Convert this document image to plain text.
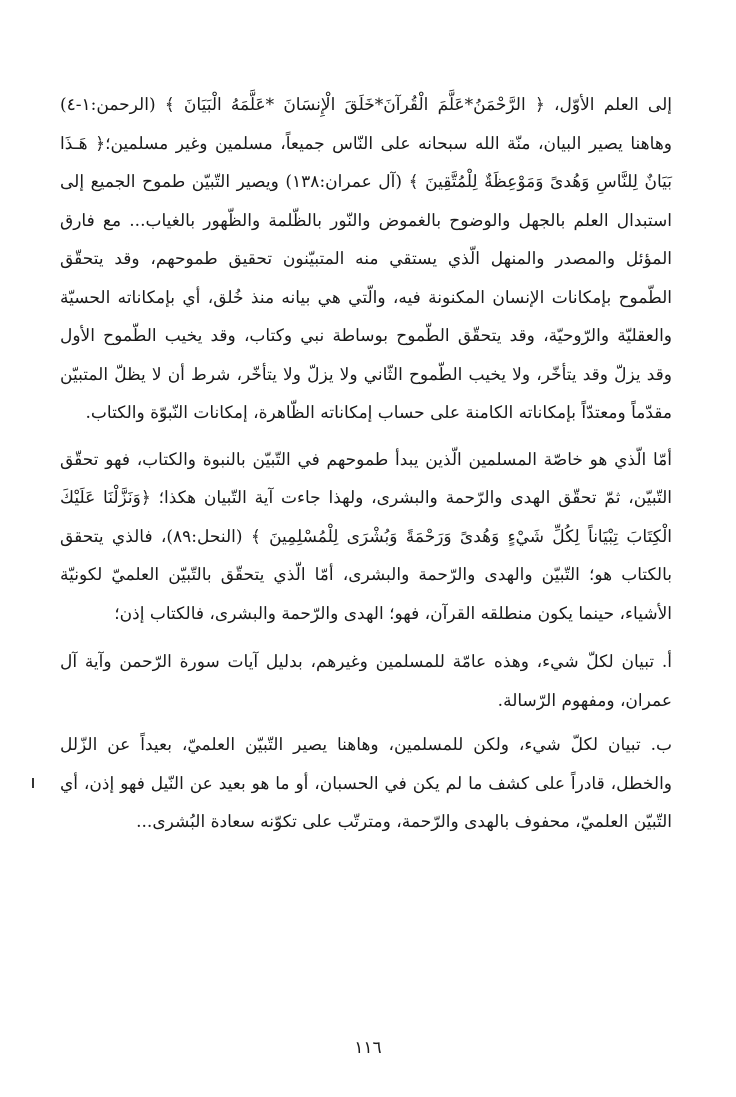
إلى العلم الأوّل، ﴿ الرَّحْمَنُ*عَلَّمَ الْقُرآنَ*خَلَقَ الْإِنسَانَ *عَلَّمَهُ الْبَيَانَ ﴾ (الرحمن:١-٤) وهاهنا يصير البيان، منّة الله سبحانه على النّاس جميعاً، مسلمين وغير مسلمين؛﴿ هَـذَا بَيَانٌ لِلنَّاسِ وَهُدىً وَمَوْعِظَةٌ لِلْمُتَّقِينَ ﴾ (آل عمران:١٣٨) ويصير التّبيّن طموح الجميع إلى استبدال العلم بالجهل والوضوح بالغموض والنّور بالظّلمة والظّهور بالغياب... مع فارق المؤئل والمصدر والمنهل الّذي يستقي منه المتبيّنون تحقيق طموحهم، وقد يتحقّق الطّموح بإمكانات الإنسان المكنونة فيه، والّتي هي بيانه منذ خُلق، أي بإمكاناته الحسيّة والعقليّة والرّوحيّة، وقد يتحقّق الطّموح بوساطة نبي وكتاب، وقد يخيب الطّموح الأول وقد يزلّ وقد يتأخّر، ولا يخيب الطّموح الثّاني ولا يزلّ ولا يتأخّر، شرط أن لا يظلّ المتبيّن مقدّماً ومعتدّاً بإمكاناته الكامنة على حساب إمكاناته الظّاهرة، إمكانات النّبوّة والكتاب.

أمّا الّذي هو خاصّة المسلمين الّذين يبدأ طموحهم في التّبيّن بالنبوة والكتاب، فهو تحقّق التّبيّن، ثمّ تحقّق الهدى والرّحمة والبشرى، ولهذا جاءت آية التّبيان هكذا؛ ﴿وَنَزَّلْنَا عَلَيْكَ الْكِتَابَ تِبْيَاناً لِكُلِّ شَيْءٍ وَهُدىً وَرَحْمَةً وَبُشْرَى لِلْمُسْلِمِينَ ﴾ (النحل:٨٩)، فالذي يتحقق بالكتاب هو؛ التّبيّن والهدى والرّحمة والبشرى، أمّا الّذي يتحقّق بالتّبيّن العلميّ لكونيّة الأشياء، حينما يكون منطلقه القرآن، فهو؛ الهدى والرّحمة والبشرى، فالكتاب إذن؛

أ. تبيان لكلّ شيء، وهذه عامّة للمسلمين وغيرهم، بدليل آيات سورة الرّحمن وآية آل عمران، ومفهوم الرّسالة.

ب. تبيان لكلّ شيء، ولكن للمسلمين، وهاهنا يصير التّبيّن العلميّ، بعيداً عن الزّلل والخطل، قادراً على كشف ما لم يكن في الحسبان، أو ما هو بعيد عن النّيل فهو إذن، أي التّبيّن العلميّ، محفوف بالهدى والرّحمة، ومترتّب على تكوّنه سعادة البُشرى...

١١٦
